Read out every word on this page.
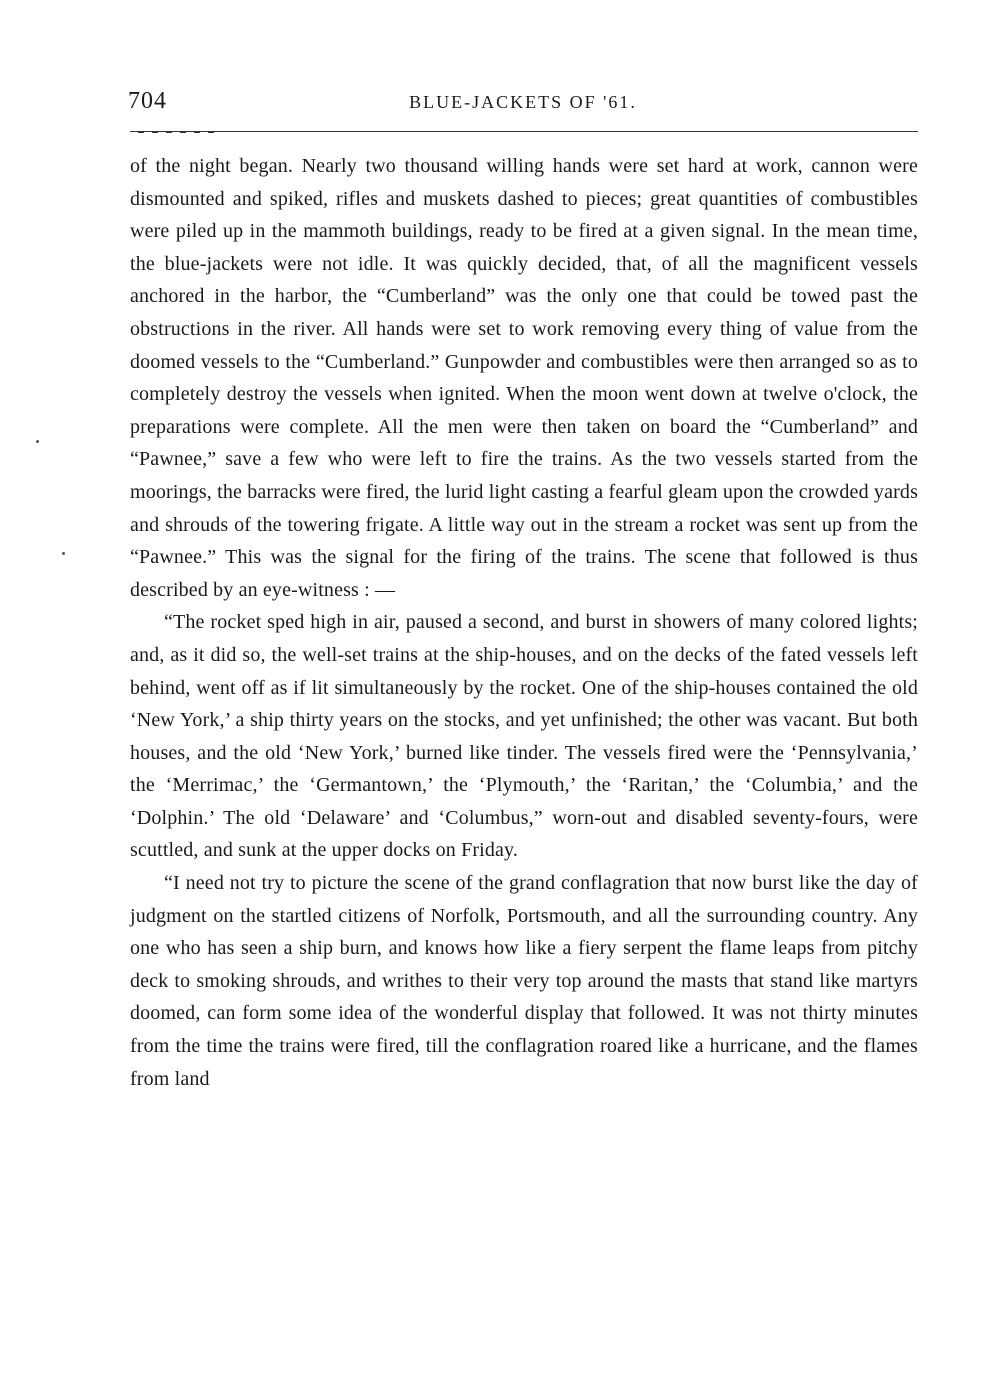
704	BLUE-JACKETS OF '61.

of the night began. Nearly two thousand willing hands were set hard at work, cannon were dismounted and spiked, rifles and muskets dashed to pieces; great quantities of combustibles were piled up in the mammoth buildings, ready to be fired at a given signal. In the mean time, the blue-jackets were not idle. It was quickly decided, that, of all the magnificent vessels anchored in the harbor, the “Cumberland” was the only one that could be towed past the obstructions in the river. All hands were set to work removing every thing of value from the doomed vessels to the “Cumberland.” Gunpowder and combustibles were then arranged so as to completely destroy the vessels when ignited. When the moon went down at twelve o'clock, the preparations were complete. All the men were then taken on board the “Cumberland” and “Pawnee,” save a few who were left to fire the trains. As the two vessels started from the moorings, the barracks were fired, the lurid light casting a fearful gleam upon the crowded yards and shrouds of the towering frigate. A little way out in the stream a rocket was sent up from the “Pawnee.” This was the signal for the firing of the trains. The scene that followed is thus described by an eye-witness : —

“The rocket sped high in air, paused a second, and burst in showers of many colored lights; and, as it did so, the well-set trains at the ship-houses, and on the decks of the fated vessels left behind, went off as if lit simultaneously by the rocket. One of the ship-houses contained the old ‘New York,’ a ship thirty years on the stocks, and yet unfinished; the other was vacant. But both houses, and the old ‘New York,’ burned like tinder. The vessels fired were the ‘Pennsylvania,’ the ‘Merrimac,’ the ‘Germantown,’ the ‘Plymouth,’ the ‘Raritan,’ the ‘Columbia,’ and the ‘Dolphin.’ The old ‘Delaware’ and ‘Columbus,” worn-out and disabled seventy-fours, were scuttled, and sunk at the upper docks on Friday.

“I need not try to picture the scene of the grand conflagration that now burst like the day of judgment on the startled citizens of Norfolk, Portsmouth, and all the surrounding country. Any one who has seen a ship burn, and knows how like a fiery serpent the flame leaps from pitchy deck to smoking shrouds, and writhes to their very top around the masts that stand like martyrs doomed, can form some idea of the wonderful display that followed. It was not thirty minutes from the time the trains were fired, till the conflagration roared like a hurricane, and the flames from land
